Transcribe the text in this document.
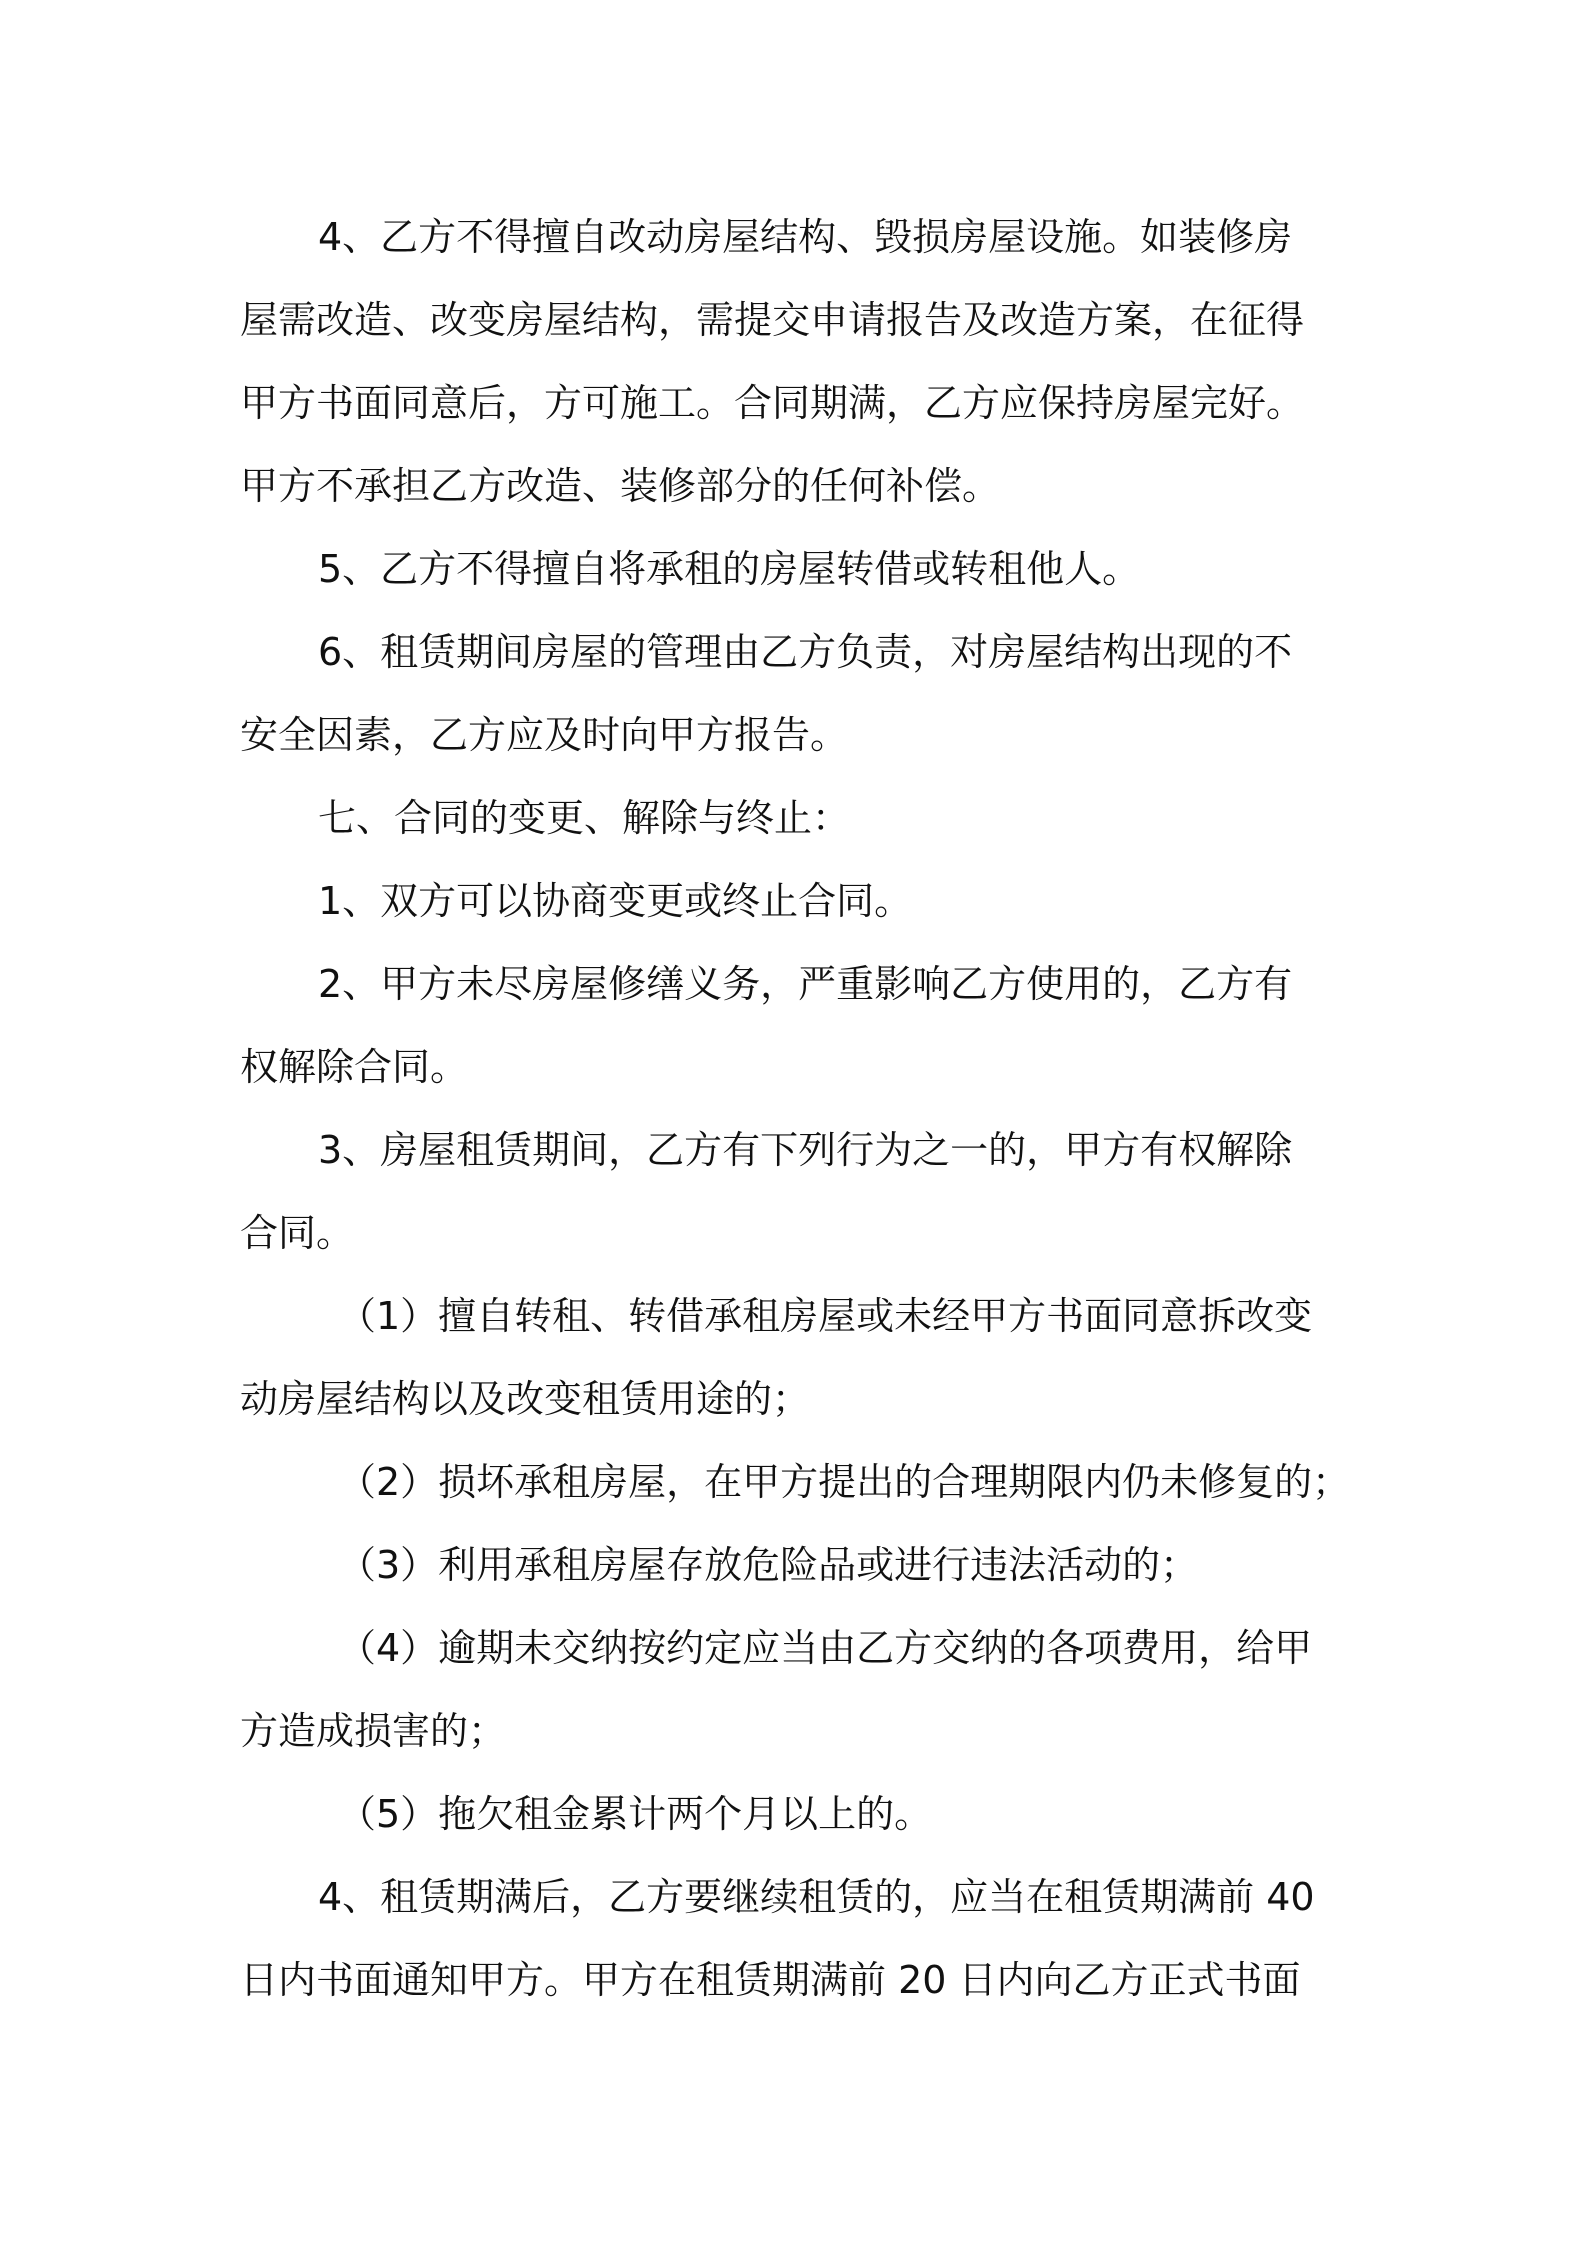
4、乙方不得擅自改动房屋结构、毁损房屋设施。如装修房
屋需改造、改变房屋结构，需提交申请报告及改造方案，在征得
甲方书面同意后，方可施工。合同期满，乙方应保持房屋完好。
甲方不承担乙方改造、装修部分的任何补偿。
5、乙方不得擅自将承租的房屋转借或转租他人。
6、租赁期间房屋的管理由乙方负责，对房屋结构出现的不
安全因素，乙方应及时向甲方报告。
七、合同的变更、解除与终止：
1、双方可以协商变更或终止合同。
2、甲方未尽房屋修缮义务，严重影响乙方使用的，乙方有
权解除合同。
3、房屋租赁期间，乙方有下列行为之一的，甲方有权解除
合同。
（1）擅自转租、转借承租房屋或未经甲方书面同意拆改变
动房屋结构以及改变租赁用途的；
（2）损坏承租房屋，在甲方提出的合理期限内仍未修复的；
（3）利用承租房屋存放危险品或进行违法活动的；
（4）逾期未交纳按约定应当由乙方交纳的各项费用，给甲
方造成损害的；
（5）拖欠租金累计两个月以上的。
4、租赁期满后，乙方要继续租赁的，应当在租赁期满前 40
日内书面通知甲方。甲方在租赁期满前 20 日内向乙方正式书面
